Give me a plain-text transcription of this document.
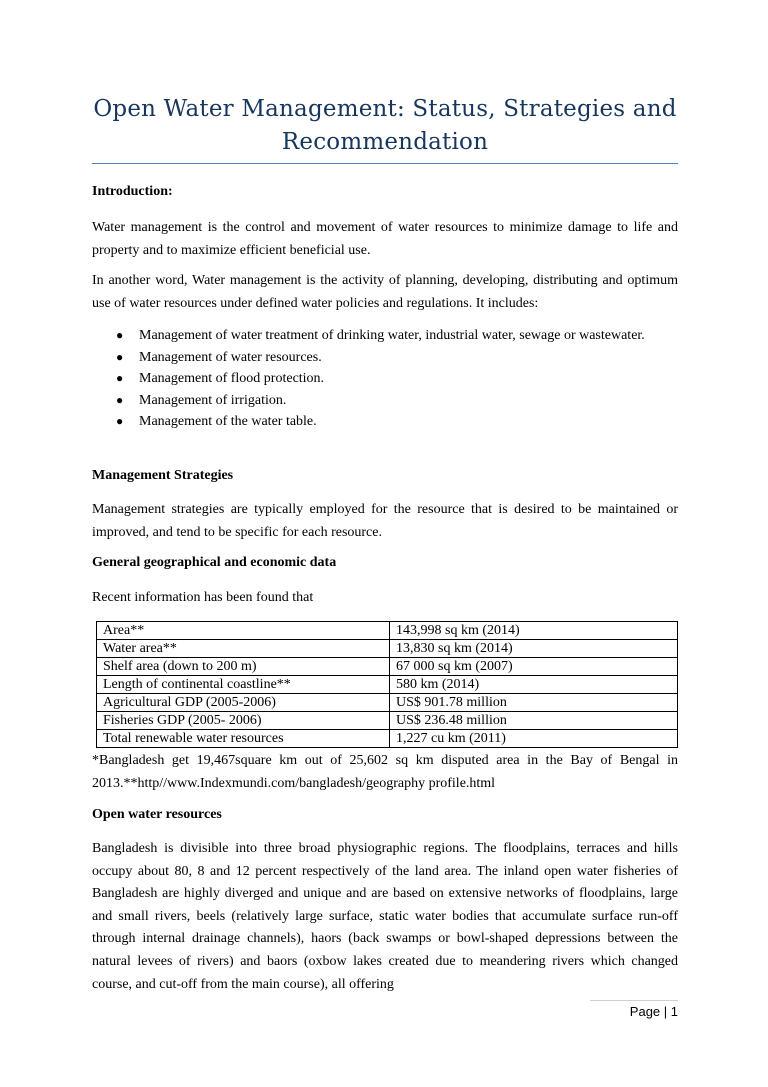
Open Water Management: Status, Strategies and Recommendation
Introduction:
Water management is the control and movement of water resources to minimize damage to life and property and to maximize efficient beneficial use.
In another word, Water management is the activity of planning, developing, distributing and optimum use of water resources under defined water policies and regulations. It includes:
● Management of water treatment of drinking water, industrial water, sewage or wastewater.
● Management of water resources.
● Management of flood protection.
● Management of irrigation.
● Management of the water table.
Management Strategies
Management strategies are typically employed for the resource that is desired to be maintained or improved, and tend to be specific for each resource.
General geographical and economic data
Recent information has been found that
Area**	143,998 sq km (2014)
Water area**	13,830 sq km (2014)
Shelf area (down to 200 m)	67 000 sq km (2007)
Length of continental coastline**	580 km (2014)
Agricultural GDP (2005-2006)	US$ 901.78 million
Fisheries GDP (2005- 2006)	US$ 236.48 million
Total renewable water resources	1,227 cu km (2011)
*Bangladesh get 19,467square km out of 25,602 sq km disputed area in the Bay of Bengal in 2013.**http//www.Indexmundi.com/bangladesh/geography profile.html
Open water resources
Bangladesh is divisible into three broad physiographic regions. The floodplains, terraces and hills occupy about 80, 8 and 12 percent respectively of the land area. The inland open water fisheries of Bangladesh are highly diverged and unique and are based on extensive networks of floodplains, large and small rivers, beels (relatively large surface, static water bodies that accumulate surface run-off through internal drainage channels), haors (back swamps or bowl-shaped depressions between the natural levees of rivers) and baors (oxbow lakes created due to meandering rivers which changed course, and cut-off from the main course), all offering
Page | 1
